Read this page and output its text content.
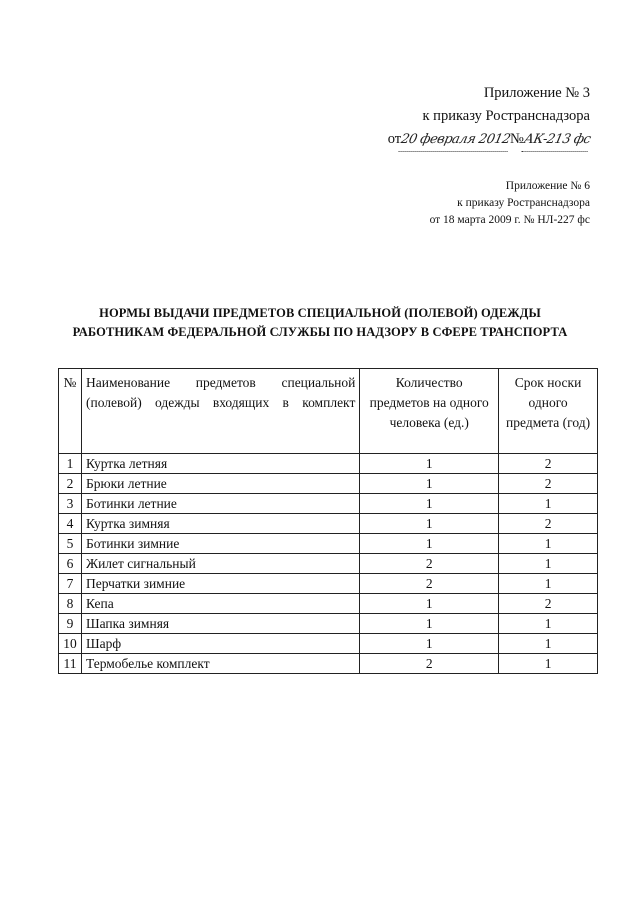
Приложение № 3
к приказу Ространснадзора
от20 февраля 2012№АК-213 фс
Приложение № 6
к приказу Ространснадзора
от 18 марта 2009 г. № НЛ-227 фс
НОРМЫ ВЫДАЧИ ПРЕДМЕТОВ СПЕЦИАЛЬНОЙ (ПОЛЕВОЙ) ОДЕЖДЫ
РАБОТНИКАМ ФЕДЕРАЛЬНОЙ СЛУЖБЫ ПО НАДЗОРУ В СФЕРЕ ТРАНСПОРТА
№	Наименование предметов специальной (полевой) одежды входящих в комплект	Количество предметов на одного человека (ед.)	Срок носки одного предмета (год)
1	Куртка летняя	1	2
2	Брюки летние	1	2
3	Ботинки летние	1	1
4	Куртка зимняя	1	2
5	Ботинки зимние	1	1
6	Жилет сигнальный	2	1
7	Перчатки зимние	2	1
8	Кепа	1	2
9	Шапка зимняя	1	1
10	Шарф	1	1
11	Термобелье комплект	2	1
